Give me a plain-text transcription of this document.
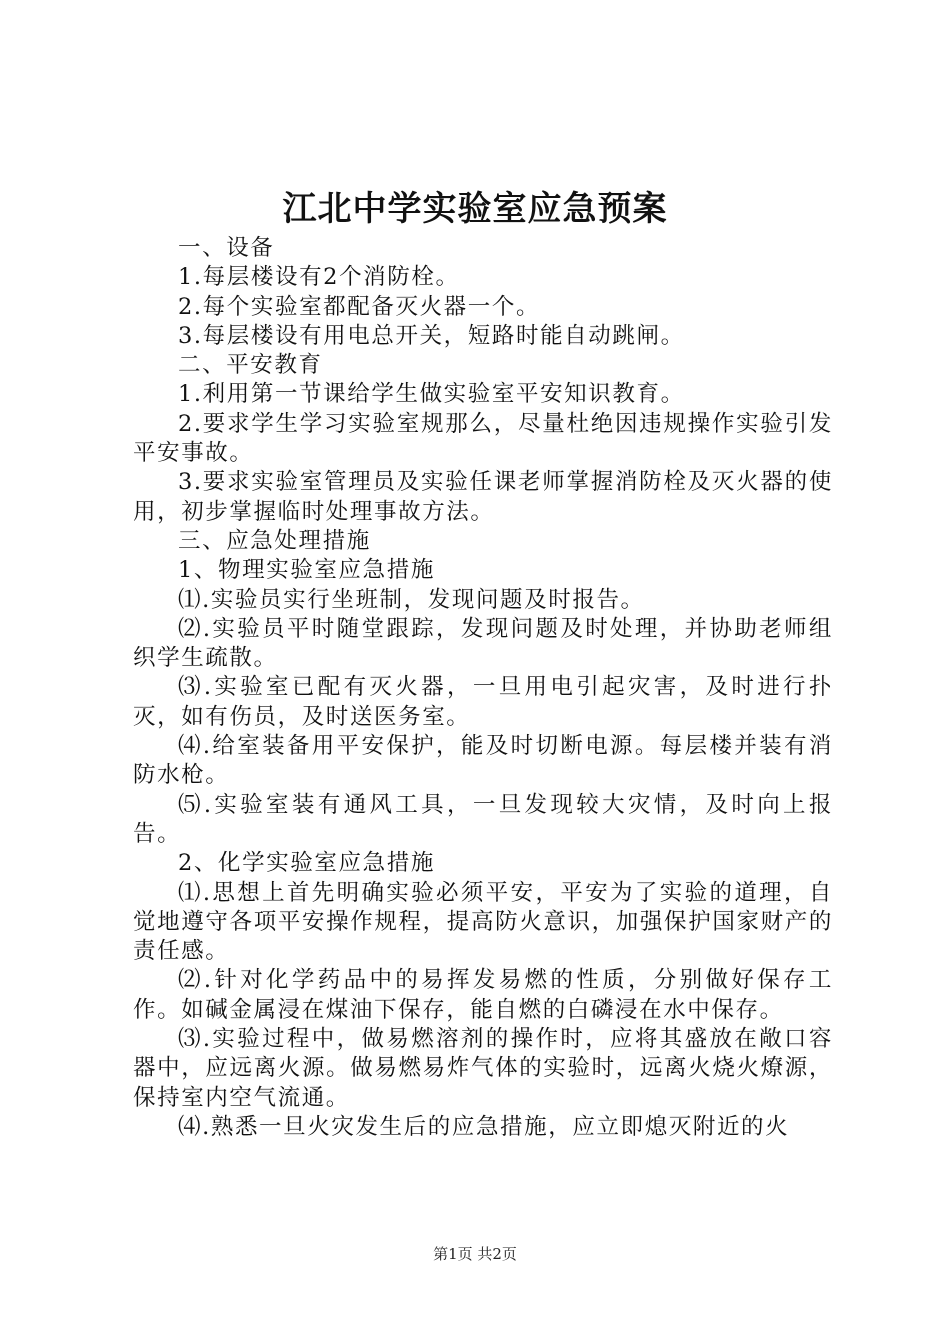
江北中学实验室应急预案

一、设备

1.每层楼设有2个消防栓。

2.每个实验室都配备灭火器一个。

3.每层楼设有用电总开关，短路时能自动跳闸。

二、平安教育

1.利用第一节课给学生做实验室平安知识教育。

2.要求学生学习实验室规那么，尽量杜绝因违规操作实验引发平安事故。

3.要求实验室管理员及实验任课老师掌握消防栓及灭火器的使用，初步掌握临时处理事故方法。

三、应急处理措施

1、物理实验室应急措施

⑴.实验员实行坐班制，发现问题及时报告。

⑵.实验员平时随堂跟踪，发现问题及时处理，并协助老师组织学生疏散。

⑶.实验室已配有灭火器，一旦用电引起灾害，及时进行扑灭，如有伤员，及时送医务室。

⑷.给室装备用平安保护，能及时切断电源。每层楼并装有消防水枪。

⑸.实验室装有通风工具，一旦发现较大灾情，及时向上报告。

2、化学实验室应急措施

⑴.思想上首先明确实验必须平安，平安为了实验的道理，自觉地遵守各项平安操作规程，提高防火意识，加强保护国家财产的责任感。

⑵.针对化学药品中的易挥发易燃的性质，分别做好保存工作。如碱金属浸在煤油下保存，能自燃的白磷浸在水中保存。

⑶.实验过程中，做易燃溶剂的操作时，应将其盛放在敞口容器中，应远离火源。做易燃易炸气体的实验时，远离火烧火燎源，保持室内空气流通。

⑷.熟悉一旦火灾发生后的应急措施，应立即熄灭附近的火

第1页 共2页
